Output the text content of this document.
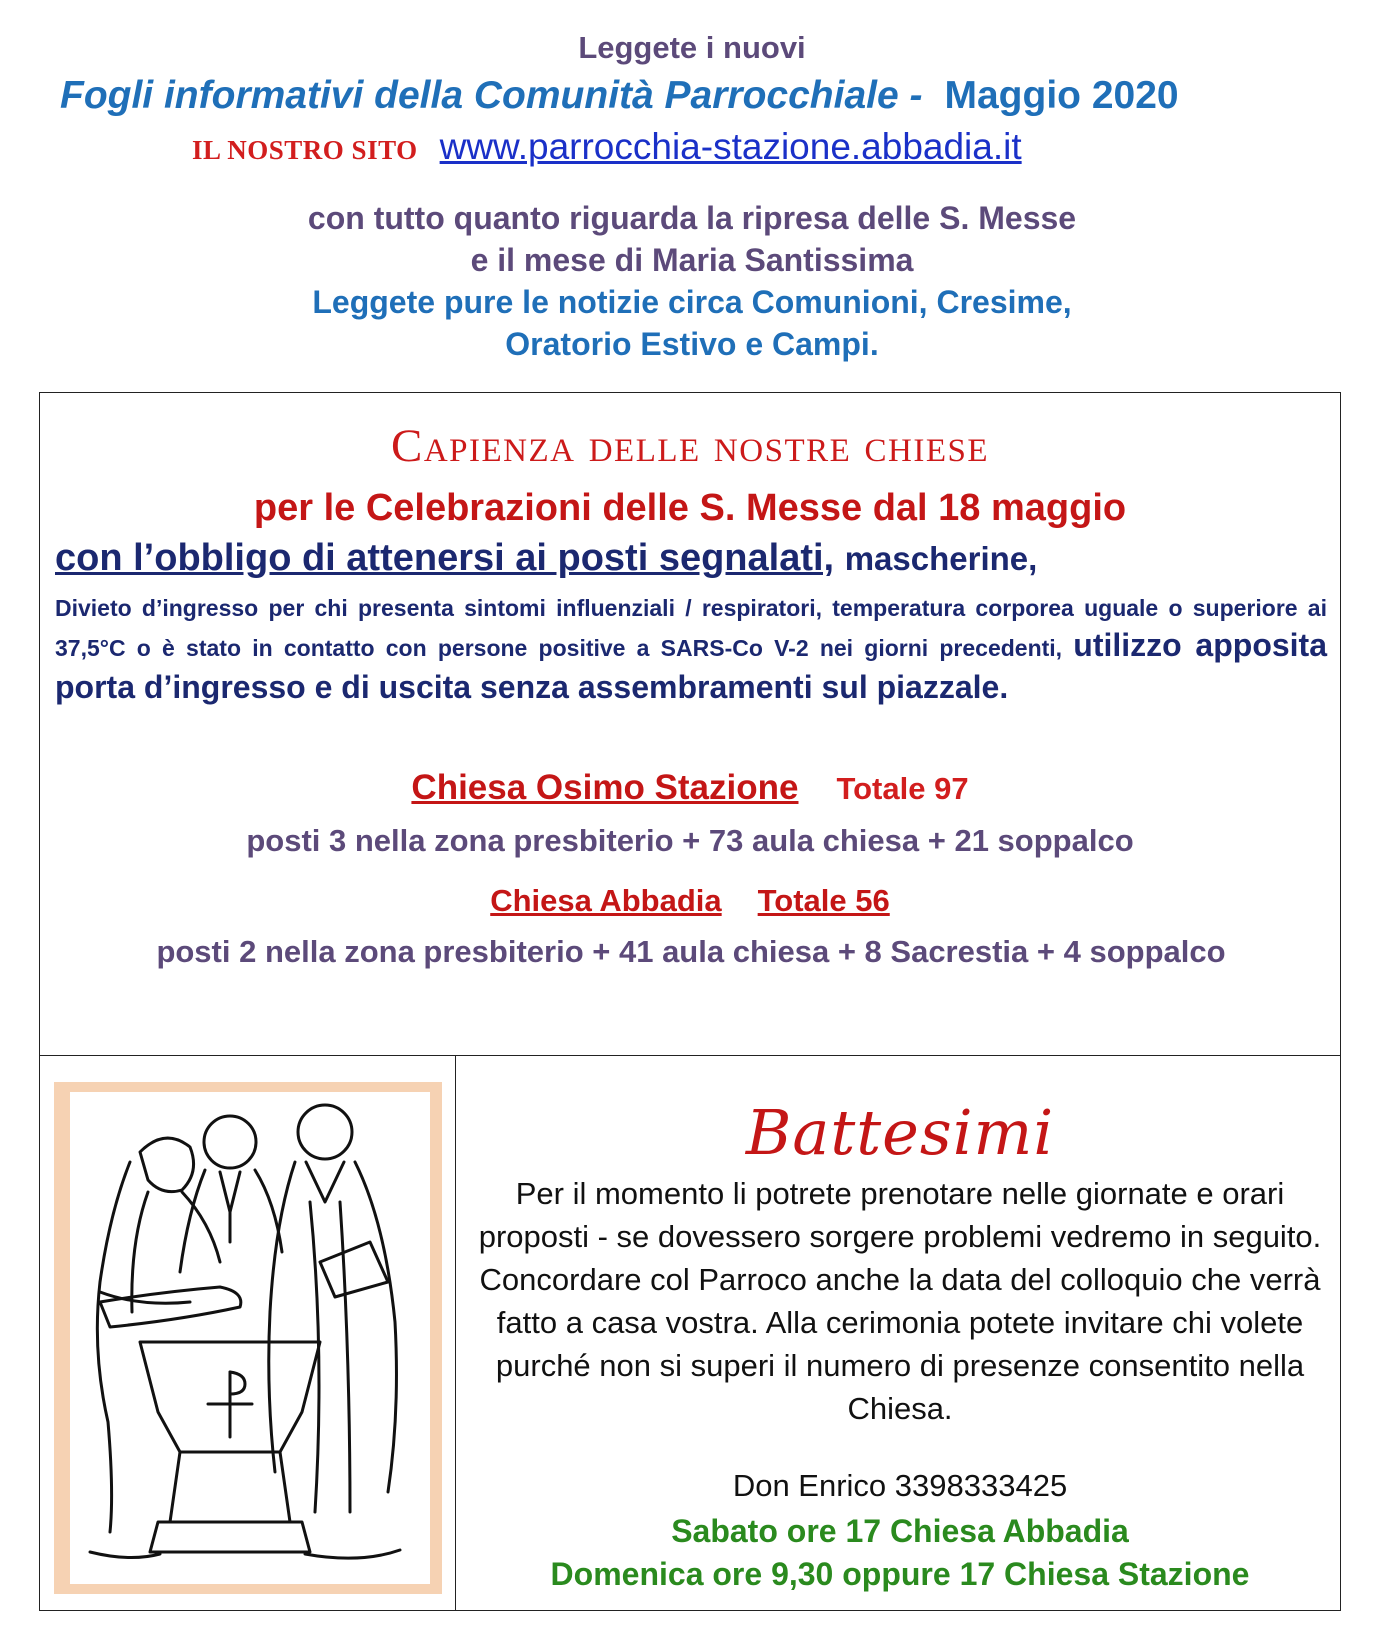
Leggete i nuovi
Fogli informativi della Comunità Parrocchiale - Maggio 2020
IL NOSTRO SITO www.parrocchia-stazione.abbadia.it
con tutto quanto riguarda la ripresa delle S. Messe
e il mese di Maria Santissima
Leggete pure le notizie circa Comunioni, Cresime,
Oratorio Estivo e Campi.
Capienza delle nostre chiese
per le Celebrazioni delle S. Messe dal 18 maggio
con l’obbligo di attenersi ai posti segnalati, mascherine,
Divieto d’ingresso per chi presenta sintomi influenziali / respiratori, temperatura corporea uguale o superiore ai 37,5°C o è stato in contatto con persone positive a SARS-Co V-2 nei giorni precedenti, utilizzo apposita porta d’ingresso e di uscita senza assembramenti sul piazzale.
Chiesa Osimo Stazione Totale 97
posti 3 nella zona presbiterio + 73 aula chiesa + 21 soppalco
Chiesa Abbadia Totale 56
posti 2 nella zona presbiterio + 41 aula chiesa + 8 Sacrestia + 4 soppalco
Battesimi
Per il momento li potrete prenotare nelle giornate e orari proposti - se dovessero sorgere problemi vedremo in seguito. Concordare col Parroco anche la data del colloquio che verrà fatto a casa vostra. Alla cerimonia potete invitare chi volete purché non si superi il numero di presenze consentito nella Chiesa.
Don Enrico 3398333425
Sabato ore 17 Chiesa Abbadia
Domenica ore 9,30 oppure 17 Chiesa Stazione
